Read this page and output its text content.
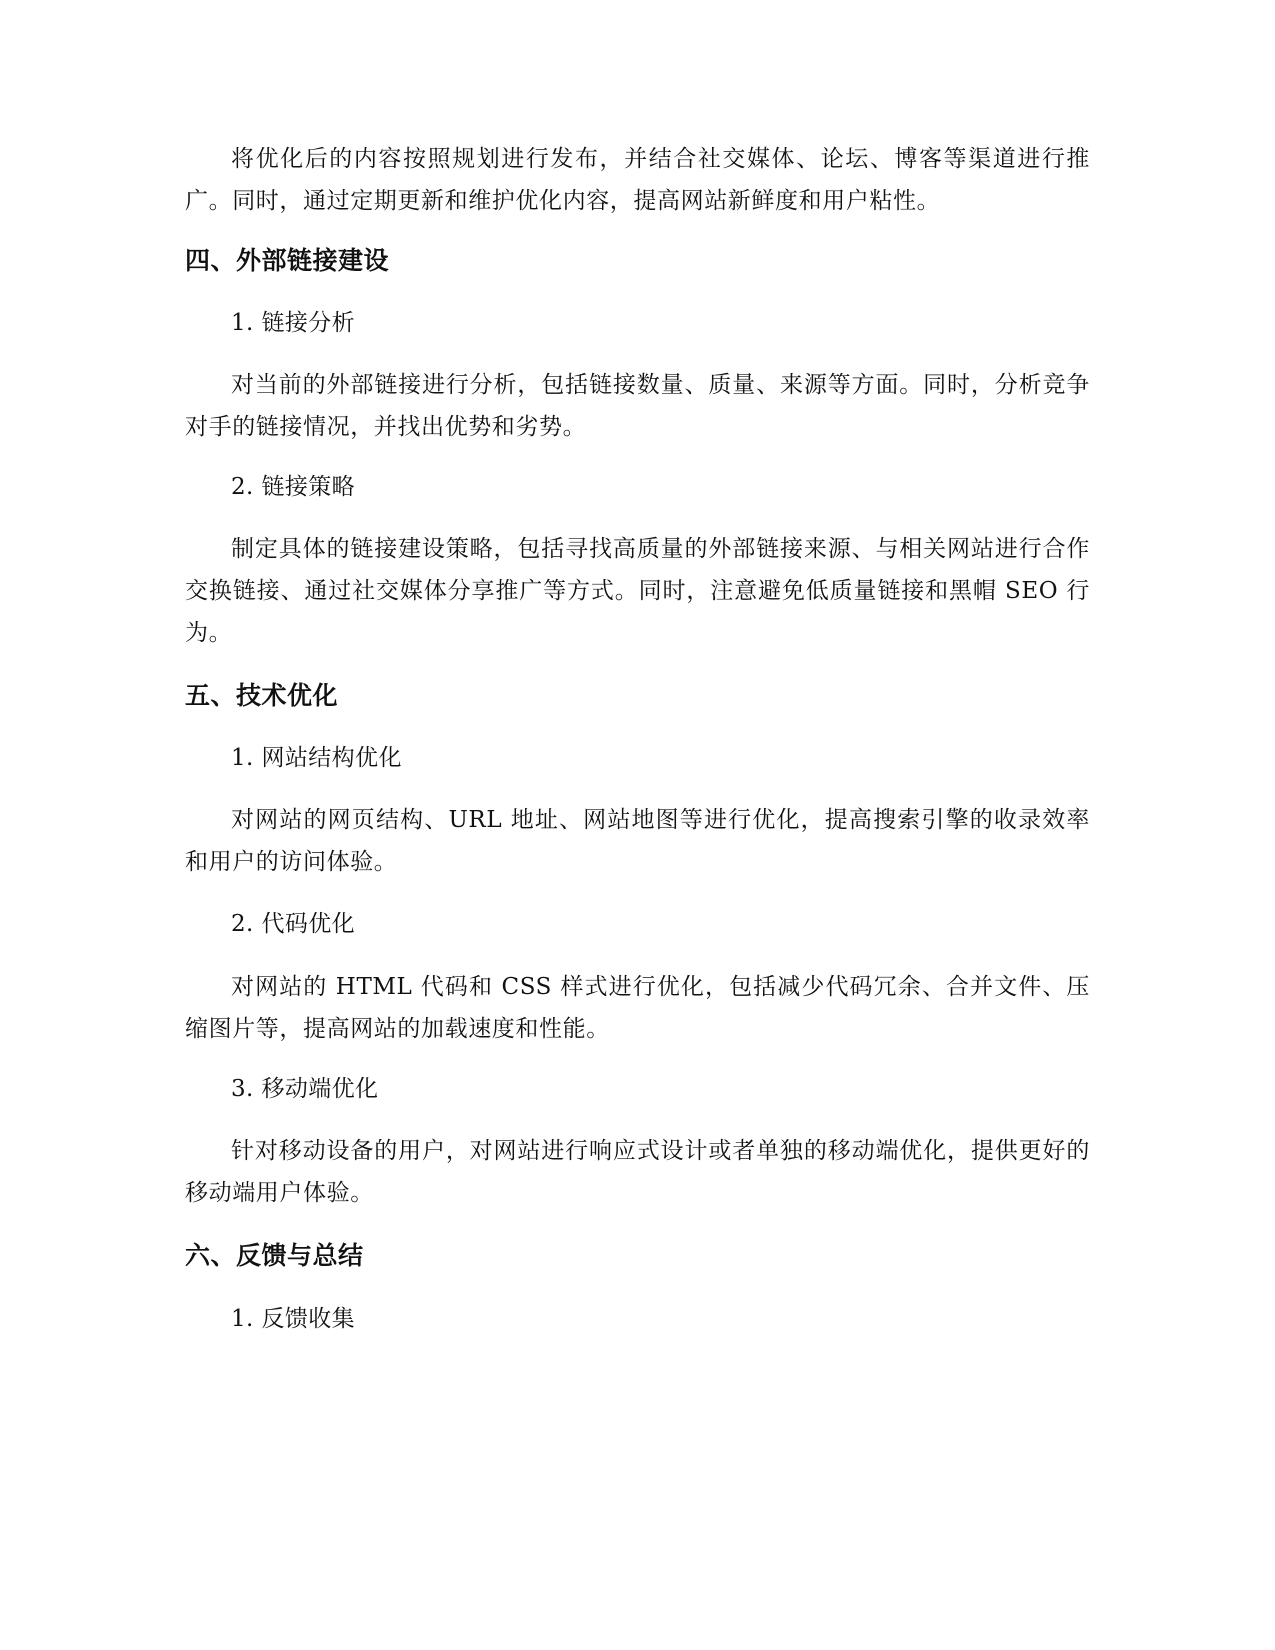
将优化后的内容按照规划进行发布，并结合社交媒体、论坛、博客等渠道进行推广。同时，通过定期更新和维护优化内容，提高网站新鲜度和用户粘性。

四、外部链接建设

1. 链接分析

对当前的外部链接进行分析，包括链接数量、质量、来源等方面。同时，分析竞争对手的链接情况，并找出优势和劣势。

2. 链接策略

制定具体的链接建设策略，包括寻找高质量的外部链接来源、与相关网站进行合作交换链接、通过社交媒体分享推广等方式。同时，注意避免低质量链接和黑帽 SEO 行为。

五、技术优化

1. 网站结构优化

对网站的网页结构、URL 地址、网站地图等进行优化，提高搜索引擎的收录效率和用户的访问体验。

2. 代码优化

对网站的 HTML 代码和 CSS 样式进行优化，包括减少代码冗余、合并文件、压缩图片等，提高网站的加载速度和性能。

3. 移动端优化

针对移动设备的用户，对网站进行响应式设计或者单独的移动端优化，提供更好的移动端用户体验。

六、反馈与总结

1. 反馈收集
